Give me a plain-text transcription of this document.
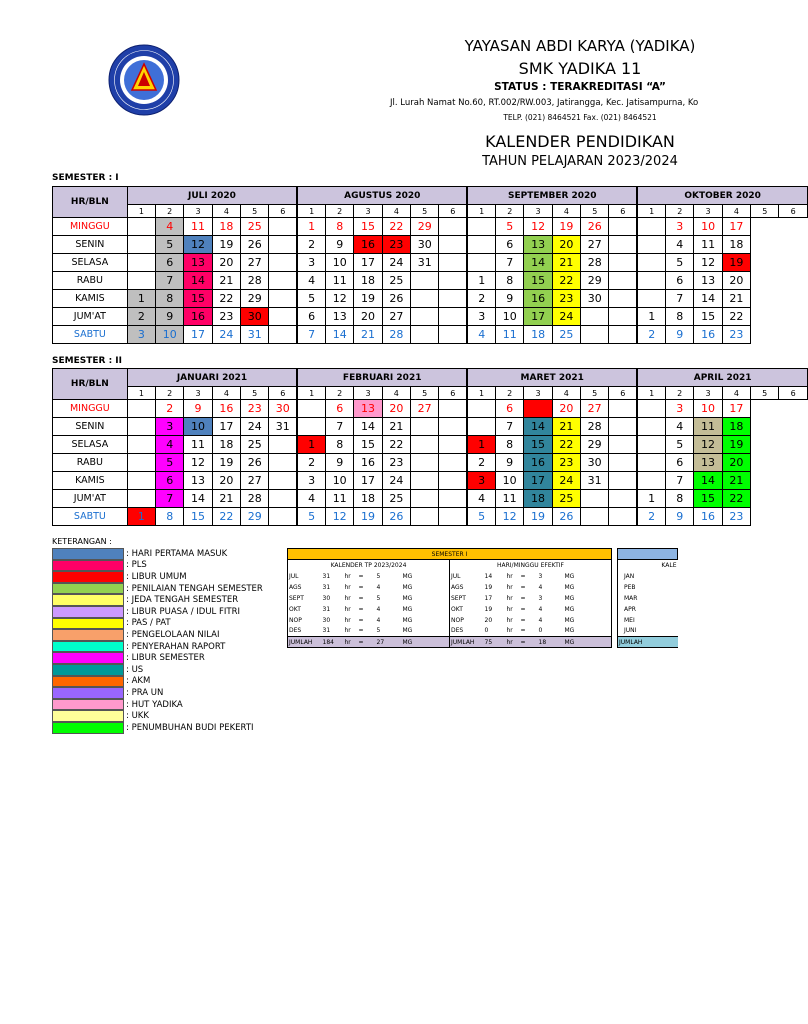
YAYASAN ABDI KARYA (YADIKA)
SMK YADIKA 11
STATUS : TERAKREDITASI “A”
Jl. Lurah Namat No.60, RT.002/RW.003, Jatirangga, Kec. Jatisampurna, Ko
TELP. (021) 8464521 Fax. (021) 8464521
KALENDER PENDIDIKAN
TAHUN PELAJARAN 2023/2024
SEMESTER : I
HR/BLN	JULI 2020						AGUSTUS 2020						SEPTEMBER 2020						OKTOBER 2020					
	1	2	3	4	5	6	1	2	3	4	5	6	1	2	3	4	5	6	1	2	3	4	5	6
MINGGU		4	11	18	25		1	8	15	22	29			5	12	19	26			3	10	17		
SENIN		5	12	19	26		2	9	16	23	30			6	13	20	27			4	11	18		
SELASA		6	13	20	27		3	10	17	24	31			7	14	21	28			5	12	19		
RABU		7	14	21	28		4	11	18	25			1	8	15	22	29			6	13	20		
KAMIS	1	8	15	22	29		5	12	19	26			2	9	16	23	30			7	14	21		
JUM'AT	2	9	16	23	30		6	13	20	27			3	10	17	24			1	8	15	22		
SABTU	3	10	17	24	31		7	14	21	28			4	11	18	25			2	9	16	23		
SEMESTER : II
HR/BLN	JANUARI 2021						FEBRUARI 2021						MARET 2021						APRIL 2021					
	1	2	3	4	5	6	1	2	3	4	5	6	1	2	3	4	5	6	1	2	3	4	5	6
MINGGU		2	9	16	23	30		6	13	20	27			6		20	27			3	10	17		
SENIN		3	10	17	24	31		7	14	21				7	14	21	28			4	11	18		
SELASA		4	11	18	25		1	8	15	22			1	8	15	22	29			5	12	19		
RABU		5	12	19	26		2	9	16	23			2	9	16	23	30			6	13	20		
KAMIS		6	13	20	27		3	10	17	24			3	10	17	24	31			7	14	21		
JUM'AT		7	14	21	28		4	11	18	25			4	11	18	25			1	8	15	22		
SABTU	1	8	15	22	29		5	12	19	26			5	12	19	26			2	9	16	23		
KETERANGAN :
: HARI PERTAMA MASUK
: PLS
: LIBUR UMUM
: PENILAIAN TENGAH SEMESTER
: JEDA TENGAH SEMESTER
: LIBUR PUASA / IDUL FITRI
: PAS / PAT
: PENGELOLAAN NILAI
: PENYERAHAN RAPORT
: LIBUR SEMESTER
: US
: AKM
: PRA UN
: HUT YADIKA
: UKK
: PENUMBUHAN BUDI PEKERTI
SEMESTER I													
KALENDER TP 2023/2024						HARI/MINGGU EFEKTIF							KALE
JUL	31	hr	=	5	MG	JUL	14	hr	=	3	MG		JAN
AGS	31	hr	=	4	MG	AGS	19	hr	=	4	MG		PEB
SEPT	30	hr	=	5	MG	SEPT	17	hr	=	3	MG		MAR
OKT	31	hr	=	4	MG	OKT	19	hr	=	4	MG		APR
NOP	30	hr	=	4	MG	NOP	20	hr	=	4	MG		MEI
DES	31	hr	=	5	MG	DES	0	hr	=	0	MG		JUNI
JUMLAH	184	hr	=	27	MG	JUMLAH	75	hr	=	18	MG		JUMLAH
